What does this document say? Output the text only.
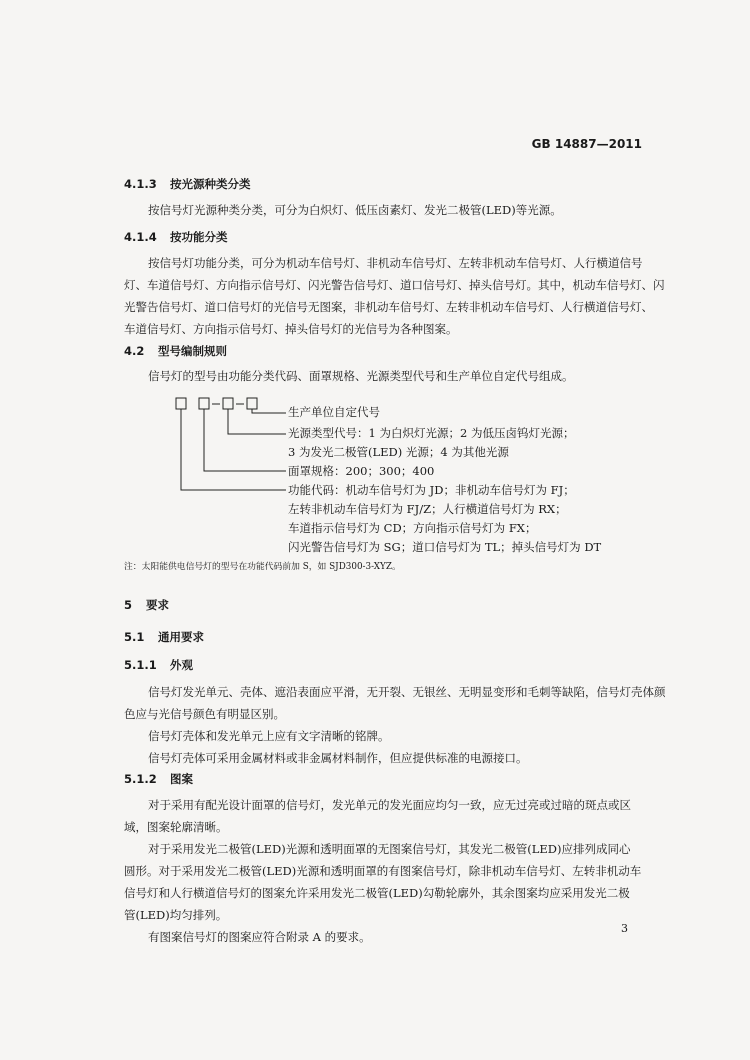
GB 14887—2011
4.1.3 按光源种类分类
按信号灯光源种类分类，可分为白炽灯、低压卤素灯、发光二极管(LED)等光源。
4.1.4 按功能分类
按信号灯功能分类，可分为机动车信号灯、非机动车信号灯、左转非机动车信号灯、人行横道信号
灯、车道信号灯、方向指示信号灯、闪光警告信号灯、道口信号灯、掉头信号灯。其中，机动车信号灯、闪
光警告信号灯、道口信号灯的光信号无图案，非机动车信号灯、左转非机动车信号灯、人行横道信号灯、
车道信号灯、方向指示信号灯、掉头信号灯的光信号为各种图案。
4.2 型号编制规则
信号灯的型号由功能分类代码、面罩规格、光源类型代号和生产单位自定代号组成。
生产单位自定代号
光源类型代号：1 为白炽灯光源；2 为低压卤钨灯光源；
3 为发光二极管(LED) 光源；4 为其他光源
面罩规格：200；300；400
功能代码：机动车信号灯为 JD；非机动车信号灯为 FJ；
左转非机动车信号灯为 FJ/Z；人行横道信号灯为 RX；
车道指示信号灯为 CD；方向指示信号灯为 FX；
闪光警告信号灯为 SG；道口信号灯为 TL；掉头信号灯为 DT
注：太阳能供电信号灯的型号在功能代码前加 S，如 SJD300-3-XYZ。
5 要求
5.1 通用要求
5.1.1 外观
信号灯发光单元、壳体、遮沿表面应平滑，无开裂、无银丝、无明显变形和毛刺等缺陷，信号灯壳体颜
色应与光信号颜色有明显区别。
信号灯壳体和发光单元上应有文字清晰的铭牌。
信号灯壳体可采用金属材料或非金属材料制作，但应提供标准的电源接口。
5.1.2 图案
对于采用有配光设计面罩的信号灯，发光单元的发光面应均匀一致，应无过亮或过暗的斑点或区
域，图案轮廓清晰。
对于采用发光二极管(LED)光源和透明面罩的无图案信号灯，其发光二极管(LED)应排列成同心
圆形。对于采用发光二极管(LED)光源和透明面罩的有图案信号灯，除非机动车信号灯、左转非机动车
信号灯和人行横道信号灯的图案允许采用发光二极管(LED)勾勒轮廓外，其余图案均应采用发光二极
管(LED)均匀排列。
有图案信号灯的图案应符合附录 A 的要求。
3
